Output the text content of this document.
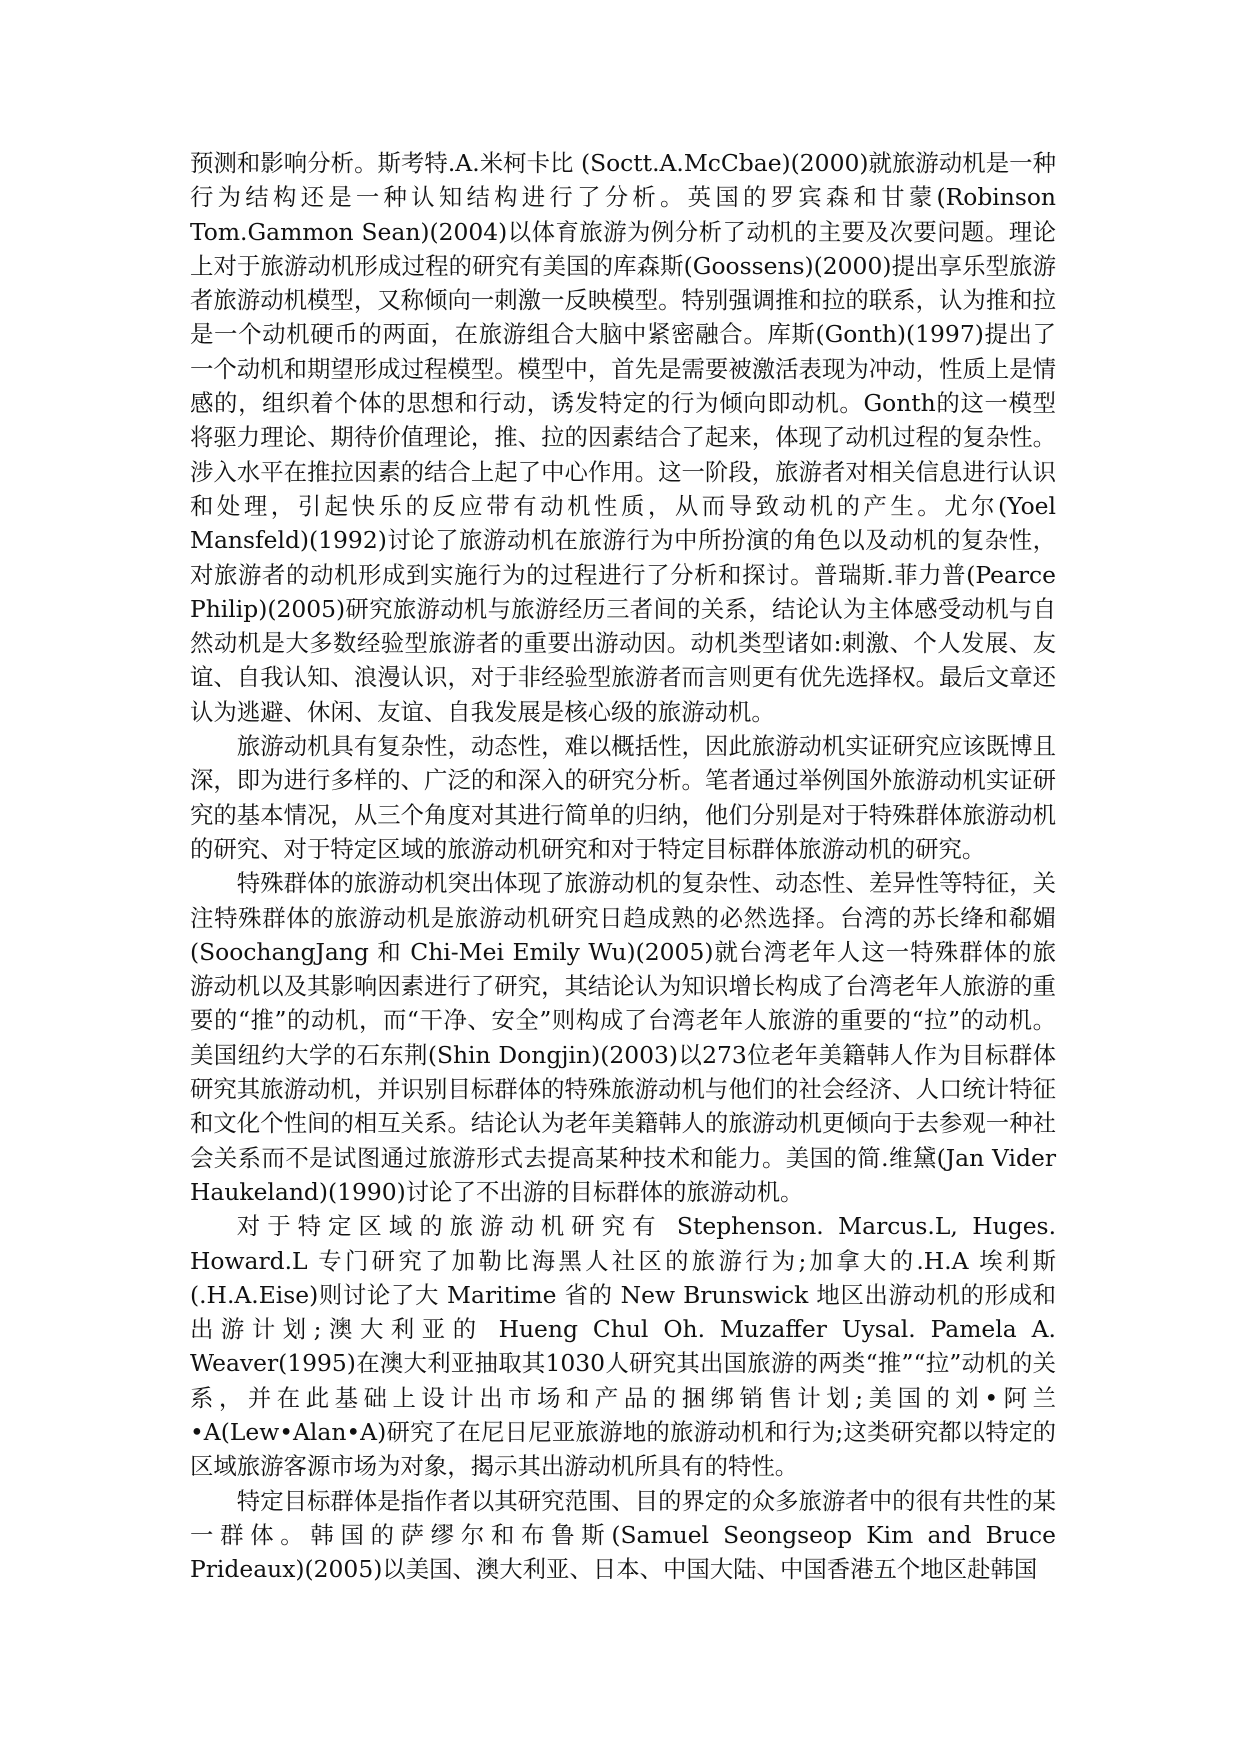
预测和影响分析。斯考特.A.米柯卡比 (Soctt.A.McCbae)(2000)就旅游动机是一种行为结构还是一种认知结构进行了分析。英国的罗宾森和甘蒙(Robinson Tom.Gammon Sean)(2004)以体育旅游为例分析了动机的主要及次要问题。理论上对于旅游动机形成过程的研究有美国的库森斯(Goossens)(2000)提出享乐型旅游者旅游动机模型，又称倾向一刺激一反映模型。特别强调推和拉的联系，认为推和拉是一个动机硬币的两面，在旅游组合大脑中紧密融合。库斯(Gonth)(1997)提出了一个动机和期望形成过程模型。模型中，首先是需要被激活表现为冲动，性质上是情感的，组织着个体的思想和行动，诱发特定的行为倾向即动机。Gonth的这一模型将驱力理论、期待价值理论，推、拉的因素结合了起来，体现了动机过程的复杂性。涉入水平在推拉因素的结合上起了中心作用。这一阶段，旅游者对相关信息进行认识和处理，引起快乐的反应带有动机性质，从而导致动机的产生。尤尔(Yoel Mansfeld)(1992)讨论了旅游动机在旅游行为中所扮演的角色以及动机的复杂性，对旅游者的动机形成到实施行为的过程进行了分析和探讨。普瑞斯.菲力普(Pearce Philip)(2005)研究旅游动机与旅游经历三者间的关系，结论认为主体感受动机与自然动机是大多数经验型旅游者的重要出游动因。动机类型诸如:刺激、个人发展、友谊、自我认知、浪漫认识，对于非经验型旅游者而言则更有优先选择权。最后文章还认为逃避、休闲、友谊、自我发展是核心级的旅游动机。

旅游动机具有复杂性，动态性，难以概括性，因此旅游动机实证研究应该既博且深，即为进行多样的、广泛的和深入的研究分析。笔者通过举例国外旅游动机实证研究的基本情况，从三个角度对其进行简单的归纳，他们分别是对于特殊群体旅游动机的研究、对于特定区域的旅游动机研究和对于特定目标群体旅游动机的研究。

特殊群体的旅游动机突出体现了旅游动机的复杂性、动态性、差异性等特征，关注特殊群体的旅游动机是旅游动机研究日趋成熟的必然选择。台湾的苏长绛和郗媚(SoochangJang 和 Chi-Mei Emily Wu)(2005)就台湾老年人这一特殊群体的旅游动机以及其影响因素进行了研究，其结论认为知识增长构成了台湾老年人旅游的重要的“推”的动机，而“干净、安全”则构成了台湾老年人旅游的重要的“拉”的动机。美国纽约大学的石东荆(Shin Dongjin)(2003)以273位老年美籍韩人作为目标群体研究其旅游动机，并识别目标群体的特殊旅游动机与他们的社会经济、人口统计特征和文化个性间的相互关系。结论认为老年美籍韩人的旅游动机更倾向于去参观一种社会关系而不是试图通过旅游形式去提高某种技术和能力。美国的简.维黛(Jan Vider Haukeland)(1990)讨论了不出游的目标群体的旅游动机。

对于特定区域的旅游动机研究有 Stephenson. Marcus.L, Huges. Howard.L 专门研究了加勒比海黑人社区的旅游行为;加拿大的.H.A 埃利斯(.H.A.Eise)则讨论了大 Maritime 省的 New Brunswick 地区出游动机的形成和出游计划;澳大利亚的 Hueng Chul Oh. Muzaffer Uysal. Pamela A. Weaver(1995)在澳大利亚抽取其1030人研究其出国旅游的两类“推”“拉”动机的关系，并在此基础上设计出市场和产品的捆绑销售计划;美国的刘•阿兰•A(Lew•Alan•A)研究了在尼日尼亚旅游地的旅游动机和行为;这类研究都以特定的区域旅游客源市场为对象，揭示其出游动机所具有的特性。

特定目标群体是指作者以其研究范围、目的界定的众多旅游者中的很有共性的某一群体。韩国的萨缪尔和布鲁斯(Samuel Seongseop Kim and Bruce Prideaux)(2005)以美国、澳大利亚、日本、中国大陆、中国香港五个地区赴韩国
